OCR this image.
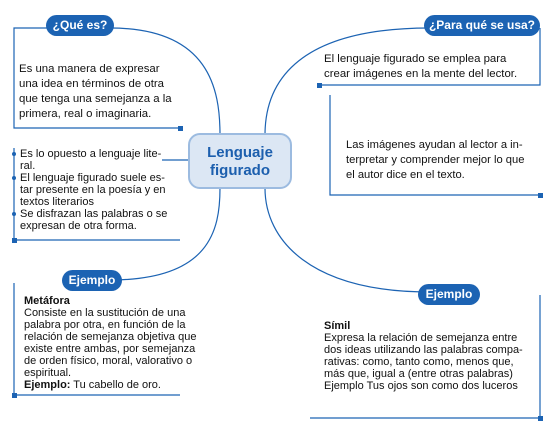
Lenguaje
figurado
¿Qué es?
Es una manera de expresar
una idea en términos de otra
que tenga una semejanza a la
primera, real o imaginaria.
Es lo opuesto a lenguaje lite-
ral.
El lenguaje figurado suele es-
tar presente en la poesía y en
textos literarios
Se disfrazan las palabras o se
expresan de otra forma.
¿Para qué se usa?
El lenguaje figurado se emplea para
crear imágenes en la mente del lector.
Las imágenes ayudan al lector a in-
terpretar y comprender mejor lo que
el autor dice en el texto.
Ejemplo
Metáfora
Consiste en la sustitución de una
palabra por otra, en función de la
relación de semejanza objetiva que
existe entre ambas, por semejanza
de orden físico, moral, valorativo o
espiritual.
Ejemplo: Tu cabello de oro.
Ejemplo
Símil
Expresa la relación de semejanza entre
dos ideas utilizando las palabras compa-
rativas: como, tanto como, menos que,
más que, igual a (entre otras palabras)
Ejemplo Tus ojos son como dos luceros
